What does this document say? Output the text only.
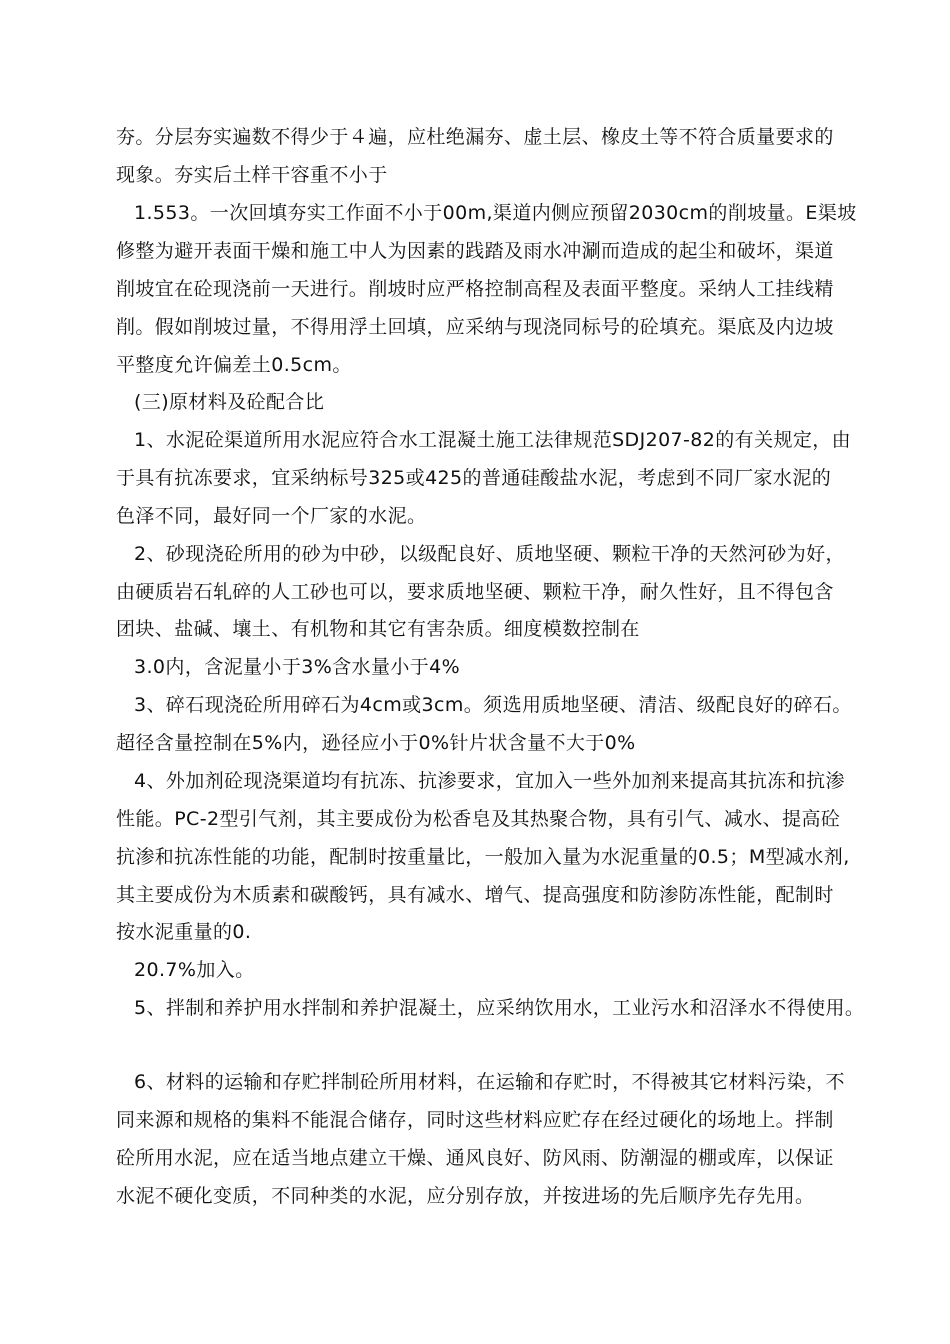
夯。分层夯实遍数不得少于４遍，应杜绝漏夯、虚土层、橡皮土等不符合质量要求的

现象。夯实后土样干容重不小于

1.553。一次回填夯实工作面不小于00m,渠道内侧应预留2030cm的削坡量。E渠坡

修整为避开表面干燥和施工中人为因素的践踏及雨水冲涮而造成的起尘和破坏，渠道

削坡宜在砼现浇前一天进行。削坡时应严格控制高程及表面平整度。采纳人工挂线精

削。假如削坡过量，不得用浮土回填，应采纳与现浇同标号的砼填充。渠底及内边坡

平整度允许偏差土0.5cm。

(三)原材料及砼配合比

1、水泥砼渠道所用水泥应符合水工混凝土施工法律规范SDJ207-82的有关规定，由

于具有抗冻要求，宜采纳标号325或425的普通硅酸盐水泥，考虑到不同厂家水泥的

色泽不同，最好同一个厂家的水泥。

2、砂现浇砼所用的砂为中砂，以级配良好、质地坚硬、颗粒干净的天然河砂为好，

由硬质岩石轧碎的人工砂也可以，要求质地坚硬、颗粒干净，耐久性好，且不得包含

团块、盐碱、壤土、有机物和其它有害杂质。细度模数控制在

3.0内，含泥量小于3%含水量小于4%

3、碎石现浇砼所用碎石为4cm或3cm。须选用质地坚硬、清洁、级配良好的碎石。

超径含量控制在5%内，逊径应小于0%针片状含量不大于0%

4、外加剂砼现浇渠道均有抗冻、抗渗要求，宜加入一些外加剂来提高其抗冻和抗渗

性能。PC-2型引气剂，其主要成份为松香皂及其热聚合物，具有引气、减水、提高砼

抗渗和抗冻性能的功能，配制时按重量比，一般加入量为水泥重量的0.5；M型减水剂,

其主要成份为木质素和碳酸钙，具有减水、增气、提高强度和防渗防冻性能，配制时

按水泥重量的0.

20.7%加入。

5、拌制和养护用水拌制和养护混凝土，应采纳饮用水，工业污水和沼泽水不得使用。

6、材料的运输和存贮拌制砼所用材料，在运输和存贮时，不得被其它材料污染，不

同来源和规格的集料不能混合储存，同时这些材料应贮存在经过硬化的场地上。拌制

砼所用水泥，应在适当地点建立干燥、通风良好、防风雨、防潮湿的棚或库，以保证

水泥不硬化变质，不同种类的水泥，应分别存放，并按进场的先后顺序先存先用。
